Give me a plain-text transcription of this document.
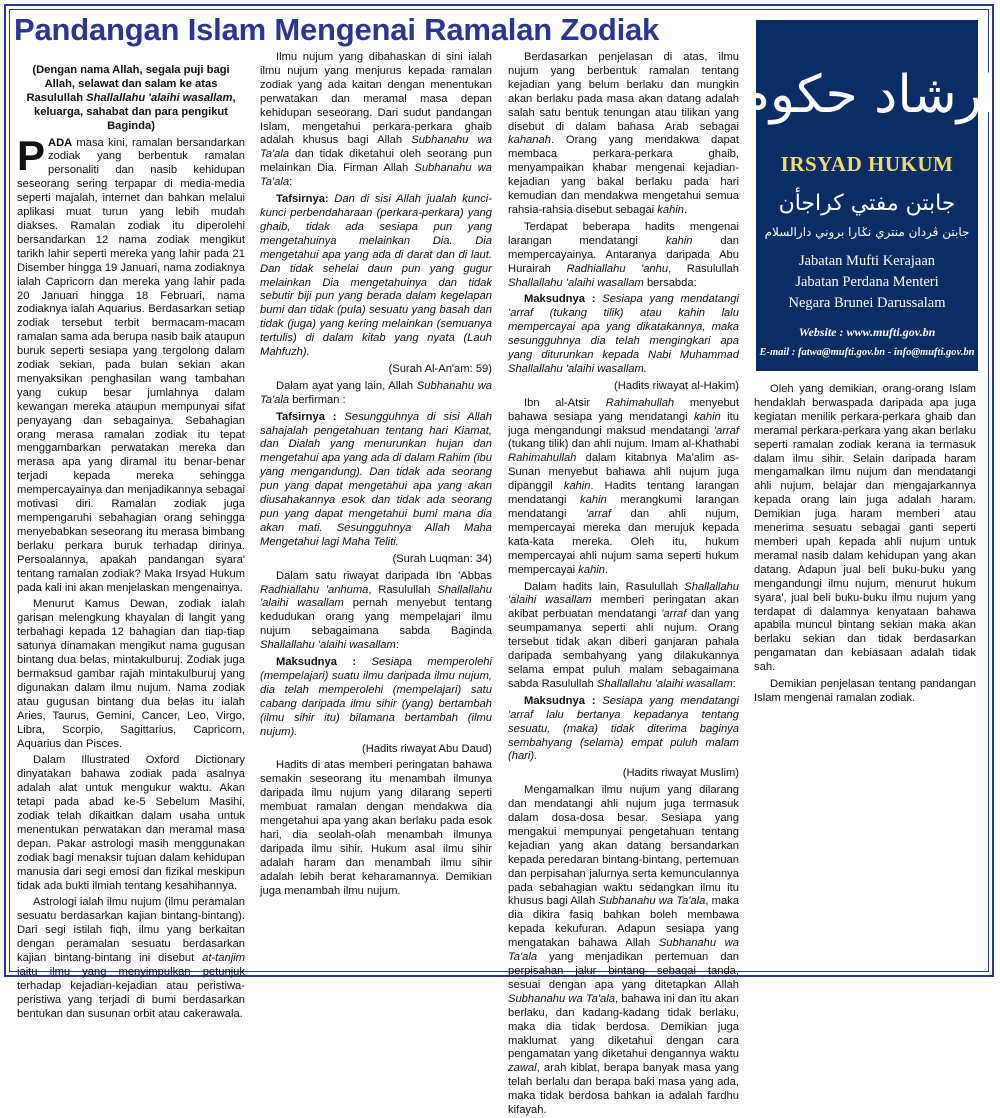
Pandangan Islam Mengenai Ramalan Zodiak

(Dengan nama Allah, segala puji bagi Allah, selawat dan salam ke atas Rasulullah Shallallahu 'alaihi wasallam, keluarga, sahabat dan para pengikut Baginda)

PADA masa kini, ramalan bersandarkan zodiak yang berbentuk ramalan personaliti dan nasib kehidupan seseorang sering terpapar di media-media seperti majalah, internet dan bahkan melalui aplikasi muat turun yang lebih mudah diakses. Ramalan zodiak itu diperolehi bersandarkan 12 nama zodiak mengikut tarikh lahir seperti mereka yang lahir pada 21 Disember hingga 19 Januari, nama zodiaknya ialah Capricorn dan mereka yang lahir pada 20 Januari hingga 18 Februari, nama zodiaknya ialah Aquarius. Berdasarkan setiap zodiak tersebut terbit bermacam-macam ramalan sama ada berupa nasib baik ataupun buruk seperti sesiapa yang tergolong dalam zodiak sekian, pada bulan sekian akan menyaksikan penghasilan wang tambahan yang cukup besar jumlahnya dalam kewangan mereka ataupun mempunyai sifat penyayang dan sebagainya. Sebahagian orang merasa ramalan zodiak itu tepat menggambarkan perwatakan mereka dan merasa apa yang diramal itu benar-benar terjadi kepada mereka sehingga mempercayainya dan menjadikannya sebagai motivasi diri. Ramalan zodiak juga mempengaruhi sebahagian orang sehingga menyebabkan seseorang itu merasa bimbang berlaku perkara buruk terhadap dirinya. Persoalannya, apakah pandangan syara' tentang ramalan zodiak? Maka Irsyad Hukum pada kali ini akan menjelaskan mengenainya.

Menurut Kamus Dewan, zodiak ialah garisan melengkung khayalan di langit yang terbahagi kepada 12 bahagian dan tiap-tiap satunya dinamakan mengikut nama gugusan bintang dua belas, mintakulburuj. Zodiak juga bermaksud gambar rajah mintakulburuj yang digunakan dalam ilmu nujum. Nama zodiak atau gugusan bintang dua belas itu ialah Aries, Taurus, Gemini, Cancer, Leo, Virgo, Libra, Scorpio, Sagittarius, Capricorn, Aquarius dan Pisces.

Dalam Illustrated Oxford Dictionary dinyatakan bahawa zodiak pada asalnya adalah alat untuk mengukur waktu. Akan tetapi pada abad ke-5 Sebelum Masihi, zodiak telah dikaitkan dalam usaha untuk menentukan perwatakan dan meramal masa depan. Pakar astrologi masih menggunakan zodiak bagi menaksir tujuan dalam kehidupan manusia dari segi emosi dan fizikal meskipun tidak ada bukti ilmiah tentang kesahihannya.

Astrologi ialah ilmu nujum (ilmu peramalan sesuatu berdasarkan kajian bintang-bintang). Dari segi istilah fiqh, ilmu yang berkaitan dengan peramalan sesuatu berdasarkan kajian bintang-bintang ini disebut at-tanjim iaitu ilmu yang menyimpulkan petunjuk terhadap kejadian-kejadian atau peristiwa-peristiwa yang terjadi di bumi berdasarkan bentukan dan susunan orbit atau cakerawala.

Ilmu nujum yang dibahaskan di sini ialah ilmu nujum yang menjurus kepada ramalan zodiak yang ada kaitan dengan menentukan perwatakan dan meramal masa depan kehidupan seseorang. Dari sudut pandangan Islam, mengetahui perkara-perkara ghaib adalah khusus bagi Allah Subhanahu wa Ta'ala dan tidak diketahui oleh seorang pun melainkan Dia. Firman Allah Subhanahu wa Ta'ala:

Tafsirnya: Dan di sisi Allah jualah kunci-kunci perbendaharaan (perkara-perkara) yang ghaib, tidak ada sesiapa pun yang mengetahuinya melainkan Dia. Dia mengetahui apa yang ada di darat dan di laut. Dan tidak sehelai daun pun yang gugur melainkan Dia mengetahuinya dan tidak sebutir biji pun yang berada dalam kegelapan bumi dan tidak (pula) sesuatu yang basah dan tidak (juga) yang kering melainkan (semuanya tertulis) di dalam kitab yang nyata (Lauh Mahfuzh).

(Surah Al-An'am: 59)

Dalam ayat yang lain, Allah Subhanahu wa Ta'ala berfirman :

Tafsirnya : Sesungguhnya di sisi Allah sahajalah pengetahuan tentang hari Kiamat, dan Dialah yang menurunkan hujan dan mengetahui apa yang ada di dalam Rahim (ibu yang mengandung). Dan tidak ada seorang pun yang dapat mengetahui apa yang akan diusahakannya esok dan tidak ada seorang pun yang dapat mengetahui bumi mana dia akan mati. Sesungguhnya Allah Maha Mengetahui lagi Maha Teliti.

(Surah Luqman: 34)

Dalam satu riwayat daripada Ibn 'Abbas Radhiallahu 'anhuma, Rasulullah Shallallahu 'alaihi wasallam pernah menyebut tentang kedudukan orang yang mempelajari ilmu nujum sebagaimana sabda Baginda Shallallahu 'alaihi wasallam:

Maksudnya : Sesiapa memperolehi (mempelajari) suatu ilmu daripada ilmu nujum, dia telah memperolehi (mempelajari) satu cabang daripada ilmu sihir (yang) bertambah (ilmu sihir itu) bilamana bertambah (ilmu nujum).

(Hadits riwayat Abu Daud)

Hadits di atas memberi peringatan bahawa semakin seseorang itu menambah ilmunya daripada ilmu nujum yang dilarang seperti membuat ramalan dengan mendakwa dia mengetahui apa yang akan berlaku pada esok hari, dia seolah-olah menambah ilmunya daripada ilmu sihir. Hukum asal ilmu sihir adalah haram dan menambah ilmu sihir adalah lebih berat keharamannya. Demikian juga menambah ilmu nujum.

Berdasarkan penjelasan di atas, ilmu nujum yang berbentuk ramalan tentang kejadian yang belum berlaku dan mungkin akan berlaku pada masa akan datang adalah salah satu bentuk tenungan atau tilikan yang disebut di dalam bahasa Arab sebagai kahanah. Orang yang mendakwa dapat membaca perkara-perkara ghaib, menyampaikan khabar mengenai kejadian-kejadian yang bakal berlaku pada hari kemudian dan mendakwa mengetahui semua rahsia-rahsia disebut sebagai kahin.

Terdapat beberapa hadits mengenai larangan mendatangi kahin dan mempercayainya. Antaranya daripada Abu Hurairah Radhiallahu 'anhu, Rasulullah Shallallahu 'alaihi wasallam bersabda:

Maksudnya : Sesiapa yang mendatangi 'arraf (tukang tilik) atau kahin lalu mempercayai apa yang dikatakannya, maka sesungguhnya dia telah mengingkari apa yang diturunkan kepada Nabi Muhammad Shallallahu 'alaihi wasallam.

(Hadits riwayat al-Hakim)

Ibn al-Atsir Rahimahullah menyebut bahawa sesiapa yang mendatangi kahin itu juga mengandungi maksud mendatangi 'arraf (tukang tilik) dan ahli nujum. Imam al-Khathabi Rahimahullah dalam kitabnya Ma'alim as-Sunan menyebut bahawa ahli nujum juga dipanggil kahin. Hadits tentang larangan mendatangi kahin merangkumi larangan mendatangi 'arraf dan ahli nujum, mempercayai mereka dan merujuk kepada kata-kata mereka. Oleh itu, hukum mempercayai ahli nujum sama seperti hukum mempercayai kahin.

Dalam hadits lain, Rasulullah Shallallahu 'alaihi wasallam memberi peringatan akan akibat perbuatan mendatangi 'arraf dan yang seumpamanya seperti ahli nujum. Orang tersebut tidak akan diberi ganjaran pahala daripada sembahyang yang dilakukannya selama empat puluh malam sebagaimana sabda Rasulullah Shallallahu 'alaihi wasallam:

Maksudnya : Sesiapa yang mendatangi 'arraf lalu bertanya kepadanya tentang sesuatu, (maka) tidak diterima baginya sembahyang (selama) empat puluh malam (hari).

(Hadits riwayat Muslim)

Mengamalkan ilmu nujum yang dilarang dan mendatangi ahli nujum juga termasuk dalam dosa-dosa besar. Sesiapa yang mengakui mempunyai pengetahuan tentang kejadian yang akan datang bersandarkan kepada peredaran bintang-bintang, pertemuan dan perpisahan jalurnya serta kemunculannya pada sebahagian waktu sedangkan ilmu itu khusus bagi Allah Subhanahu wa Ta'ala, maka dia dikira fasiq bahkan boleh membawa kepada kekufuran. Adapun sesiapa yang mengatakan bahawa Allah Subhanahu wa Ta'ala yang menjadikan pertemuan dan perpisahan jalur bintang sebagai tanda, sesuai dengan apa yang ditetapkan Allah Subhanahu wa Ta'ala, bahawa ini dan itu akan berlaku, dan kadang-kadang tidak berlaku, maka dia tidak berdosa. Demikian juga maklumat yang diketahui dengan cara pengamatan yang diketahui dengannya waktu zawal, arah kiblat, berapa banyak masa yang telah berlalu dan berapa baki masa yang ada, maka tidak berdosa bahkan ia adalah fardhu kifayah.

ارشاد حکوم
IRSYAD HUKUM
جابتن مفتي كراجأن
جابتن ڤردان منتري نݢارا بروني دارالسلام
Jabatan Mufti Kerajaan
Jabatan Perdana Menteri
Negara Brunei Darussalam
Website : www.mufti.gov.bn
E-mail : fatwa@mufti.gov.bn - info@mufti.gov.bn

Oleh yang demikian, orang-orang Islam hendaklah berwaspada daripada apa juga kegiatan menilik perkara-perkara ghaib dan meramal perkara-perkara yang akan berlaku seperti ramalan zodiak kerana ia termasuk dalam ilmu sihir. Selain daripada haram mengamalkan ilmu nujum dan mendatangi ahli nujum, belajar dan mengajarkannya kepada orang lain juga adalah haram. Demikian juga haram memberi atau menerima sesuatu sebagai ganti seperti memberi upah kepada ahli nujum untuk meramal nasib dalam kehidupan yang akan datang. Adapun jual beli buku-buku yang mengandungi ilmu nujum, menurut hukum syara', jual beli buku-buku ilmu nujum yang terdapat di dalamnya kenyataan bahawa apabila muncul bintang sekian maka akan berlaku sekian dan tidak berdasarkan pengamatan dan kebiasaan adalah tidak sah.

Demikian penjelasan tentang pandangan Islam mengenai ramalan zodiak.
